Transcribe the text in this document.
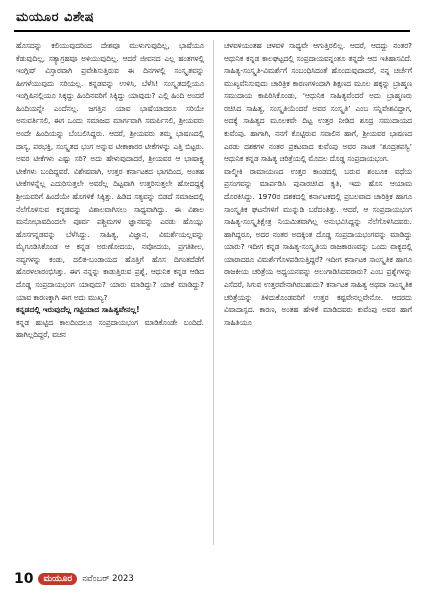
ಮಯೂರ ವಿಶೇಷ

ಹೊಸದನ್ನು ಕಲಿಯುವುದರಿಂದ ದೇಶವೂ ಮುಳುಗುವುದಿಲ್ಲ, ಭಾಷೆಯೂ ಕೆಡುವುದಿಲ್ಲ, ಸತ್ಯಾಗ್ರಹವೂ ಅಳಿಯುವುದಿಲ್ಲ. ಆದರೆ ಜೀವನದ ಎಲ್ಲ ಹಂತಗಳಲ್ಲಿ ಇಂಗ್ಲಿಷ್ ವಿಸ್ತಾರವಾಗಿ ಪ್ರವೇಶಿಸುತ್ತಿರುವ ಈ ದಿನಗಳಲ್ಲಿ ಸಂಸ್ಕೃತವನ್ನು ಹೀಗಳೆಯುವುದು ಸರಿಯಲ್ಲ. ಕನ್ನಡವನ್ನು ಉಳಿಸಿ, ಬೆಳೆಸಿ! ಸಂಸ್ಕೃತದಲ್ಲಿಯೂ ಇಂಗ್ಲಿಷಿನಲ್ಲಿಯೂ ಸಿಕ್ಕದ್ದು ಹಿಂದಿನವರಿಗೆ ಸಿಕ್ಕಿದ್ದು ಯಾವುದು? ಎಲ್ಲಿ ಹಿಂದಿ ಅಂದರೆ ಹಿಂದಿಯನ್ನೇ ಎಂದೆನಲ್ಲ. ಜಗತ್ತಿನ ಯಾವ ಭಾಷೆಯಾದರೂ ಸರಿಯೇ ಅನುವರ್ತಿಸಲಿ, ಈಗ ಒಂದು ಸಮಾಜದ ಮಾರ್ಗವಾಗಿ ಸಮರ್ಪಿಸಲಿ, ಶ್ರೀಯವರು ಅಂದೇ ಹಿಂದಿಯನ್ನು ಬೆಂಬಲಿಸಿದ್ದರು. ಆದರೆ, ಶ್ರೀಯವರು ತಮ್ಮ ಭಾಷಣದಲ್ಲಿ ದಾಸ್ಯ, ಪರಭಕ್ತಿ, ಸಂಸ್ಕೃತದ ಭಂಗ ಅನ್ನುವ ಟೀಕಾಕಾರರ ಟೀಕೆಗಳನ್ನು ಎತ್ತಿ ಬಿಟ್ಟರು. ಅವರ ಟೀಕೆಗಳು ಎಷ್ಟು ಸರಿ? ಅದು ಹೇಳುವುದಾದರೆ, ಶ್ರೀಯವರ ಆ ಭಾಷಾಕ್ತ್ಯ ಟೀಕೆಗಳು ಬಂದಿದ್ದವರೆ. ವಿಶೇಷವಾಗಿ, ಉತ್ತರ ಕರ್ನಾಟಕದ ಭಾಗದಿಂದ, ಅಂತಹ ಟೀಕೆಗಳನ್ನೆಲ್ಲ ಎದುರಿಸುತ್ತಲೇ ಅವರೆಲ್ಲ ದಿಟ್ಟವಾಗಿ ಉತ್ತರಿಸುತ್ತಲೇ ಹೋದದ್ದಕ್ಕೆ ಶ್ರೀಯವರಿಗೆ ಹಿಂದೆಯೇ ಹೊಗಳಿಕೆ ಸಿಕ್ಕಿತ್ತು. ಹಿಡಿದ ಸತ್ಯವನ್ನು ಬಿಡದೆ ಸಮಾಜದಲ್ಲಿ ನೆಲೆಗೊಳಿಸುವ ಕನ್ನಡವನ್ನು ವಿಶಾಲವಾಗಿಸಲು ಸಾಧ್ಯವಾಗಿದ್ದು. ಈ ವಿಶಾಲ ಮನೋಭಾವದಿಂದಲೇ ಪೂರ್ವ ಪಶ್ಚಿಮಗಳ ಜ್ಞಾನವನ್ನು ಎರಡು ಹೊಯ್ಲು ಹೊಸಗನ್ನಡವನ್ನು ಬೆಳೆಸಿದ್ದು. ಸಾಹಿತ್ಯ, ವಿಜ್ಞಾನ, ವಿಮರ್ಶೆಯಲ್ಲವನ್ನು ಮೈಗೂಡಿಸಿಕೊಂಡ ಆ ಕನ್ನಡ ಅರುಣೋದಯ, ನವೋದಯ, ಪ್ರಗತಿಶೀಲ, ನವ್ಯಗಳನ್ನು ಕಂಡು, ದಲಿತ-ಬಂಡಾಯದ ಹೊತ್ತಿಗೆ ಹೊಸ ದಿಗಂತದೆಡೆಗೆ ಹೊರಳಲಾರಂಭಿಸಿತ್ತು. ಈಗ ನನ್ನನ್ನು ಕಾಡುತ್ತಿರುವ ಪ್ರಶ್ನೆ, ಆಧುನಿಕ ಕನ್ನಡ ಆಡಿದ ದೊಡ್ಡ ಸಂಪ್ರದಾಯಭಂಗ ಯಾವುದು? ಯಾರು ಮಾಡಿದ್ದು? ಯಾಕೆ ಮಾಡಿದ್ದು? ಯಾವ ಕಾರಣಕ್ಕಾಗಿ ಈಗ ಅದು ಮುಖ್ಯ?

ಕನ್ನಡದಲ್ಲಿ ಇರುವುದೆಲ್ಲ ಗಟ್ಟಿಯಾದ ಸಾಹಿತ್ಯವೇನಲ್ಲ!

ಕನ್ನಡ ಹುಟ್ಟಿದ ಕಾಲದಿಂದಲೂ ಸಂಪ್ರದಾಯಭಂಗ ಮಾಡಿಕೊಂಡೇ ಬಂದಿದೆ. ಹಾಗಿಲ್ಲದಿದ್ದರೆ, ವಚನ

ಚಳವಳಿಯಂತಹ ಚಳವಳಿ ಸಾಧ್ಯವೇ ಆಗುತ್ತಿರಲಿಲ್ಲ. ಆದರೆ, ಆದದ್ದು ನಂತರ? ಆಧುನಿಕ ಕನ್ನಡ ಕಾಲಘಟ್ಟದಲ್ಲಿ ಸಂಪ್ರದಾಯವನ್ನಂತೂ ತನ್ನದೇ ಆದ ಇತಿಹಾಸವಿದೆ. ಸಾಹಿತ್ಯ-ಸಂಸ್ಕೃತಿ-ವಿಮರ್ಶೆಗೆ ಸಂಬಂಧಿಸಿದಂತೆ ಹೊಂದುವುದಾದರೆ, ನನ್ನ ಚರ್ಚೆಗೆ ಮುಖ್ಯವೆನಿಸುವುದು ಚಾರಿತ್ರಿಕ ಕಾರಣಗಳಿಂದಾಗಿ ಶಿಕ್ಷಣದ ಮೂಲ ಹಕ್ಕನ್ನು ಬ್ರಾಹ್ಮಣ ಸಮುದಾಯ ಕಾಪಿರಿಸಿಕೊಂಡು, ‘ಆಧುನಿಕ ಸಾಹಿತ್ಯವೆಂದರೆ ಅದು ಬ್ರಾಹ್ಮಣರು ರಚಿಸಿದ ಸಾಹಿತ್ಯ, ಸಂಸ್ಕೃತಿಯೆಂದರೆ ಅವರ ಸಂಸ್ಕೃತಿ’ ಎಂಬ ಸನ್ನಿವೇಶವಿದ್ದಾಗ, ಅದಕ್ಕೆ ಸಾಹಿತ್ಯದ ಮೂಲಕವೇ ದಿಟ್ಟ ಉತ್ತರ ನೀಡಿದ ಶೂದ್ರ ಸಮುದಾಯದ ಕುವೆಂಪು. ಹಾಗಾಗಿ, ನನಗೆ ಕೊಟ್ಟಿರುವ ಸವಾಲಿನ ಹಾಗೆ, ಶ್ರೀಯವರ ಭಾಷಣದ ಎರಡು ದಶಕಗಳ ನಂತರ ಪ್ರಕಟವಾದ ಕುವೆಂಪು ಅವರ ನಾಟಕ ‘ಶೂದ್ರತಪಸ್ವಿ’ ಆಧುನಿಕ ಕನ್ನಡ ಸಾಹಿತ್ಯ ಚರಿತ್ರೆಯಲ್ಲಿ ಮೊದಲ ದೊಡ್ಡ ಸಂಪ್ರದಾಯಭಂಗ.

ವಾಲ್ಮೀಕಿ ರಾಮಾಯಣದ ಉತ್ತರ ಕಾಂಡದಲ್ಲಿ ಬರುವ ಶಂಬೂಕ ವಧೆಯ ಪ್ರಸಂಗವನ್ನು ಮಾರ್ಪಡಿಸಿ ಪುನಾರಚಿಸಿದ ಕೃತಿ, ಇದು ಹೊಸ ಆಯಾಮ ದೊರಕಿಸಿದ್ದು. 1970ರ ದಶಕದಲ್ಲಿ ಕರ್ನಾಟಕದಲ್ಲಿ ಪ್ರಬಲವಾದ ಚಾರಿತ್ರಿಕ ಹಾಗೂ ಸಾಂಸ್ಕೃತಿಕ ಘಟನೆಗಳಿಗೆ ಮುನ್ನುಡಿ ಬರೆದಂತಿತ್ತು. ಆದರೆ, ಆ ಸಂಪ್ರದಾಯಭಂಗ ಸಾಹಿತ್ಯ-ಸಂಸ್ಕೃತಿಕ್ಷೇತ್ರ ನಿಯಮಿತವಾಗಿಲ್ಲ ಅನುಭವಿಸಿದ್ದನ್ನು ನೆಲೆಗೊಳಿಸಿದವರು. ಹಾಗಿದ್ದರೂ, ಅದರ ನಂತರ ಅದಕ್ಕಿಂತ ದೊಡ್ಡ ಸಂಪ್ರದಾಯಭಂಗವನ್ನು ಮಾಡಿದ್ದು ಯಾರು? ಇದೀಗ ಕನ್ನಡ ಸಾಹಿತ್ಯ-ಸಂಸ್ಕೃತಿಯ ರಾಜಕಾರಣವನ್ನು ಒಂದು ವಾಕ್ಯದಲ್ಲಿ ಯಾರಾದರೂ ವಿಮರ್ಶೆಗೊಳಪಡಿಸುತ್ತಿದ್ದರೆ? ಇದೀಗ ಕರ್ನಾಟಕ ಸಾಂಸ್ಕೃತಿಕ ಹಾಗೂ ರಾಜಕೀಯ ಚರಿತ್ರೆಯ ಅಧ್ಯಯನವನ್ನು ಅಲುಗಾಡಿಸಿದವರಾರು? ಎಂಬ ಪ್ರಶ್ನೆಗಳನ್ನು ಎಸೆದರೆ, ಸಿಗುವ ಉತ್ತರವೇನಾಗಿರಬಹುದು? ಕರ್ನಾಟಕ ಸಾಹಿತ್ಯ ಅಥವಾ ಸಾಂಸ್ಕೃತಿಕ ಚರಿತ್ರೆಯನ್ನು ತಿಳಿದುಕೊಂಡವರಿಗೆ ಉತ್ತರ ಕಷ್ಟವೇನಲ್ಲವೇನೋ. ಆದರದು ವಿವಾದಾಸ್ಪದ. ಕಾರಣ, ಅಂತಹ ಹೇಳಿಕೆ ಮಾಡಿದವರು ಕುವೆಂಪು ಅವರ ಹಾಗೆ ಸಾಹಿತಿಯೂ

10	ಮಯೂರ	ನವೆಂಬರ್ 2023
